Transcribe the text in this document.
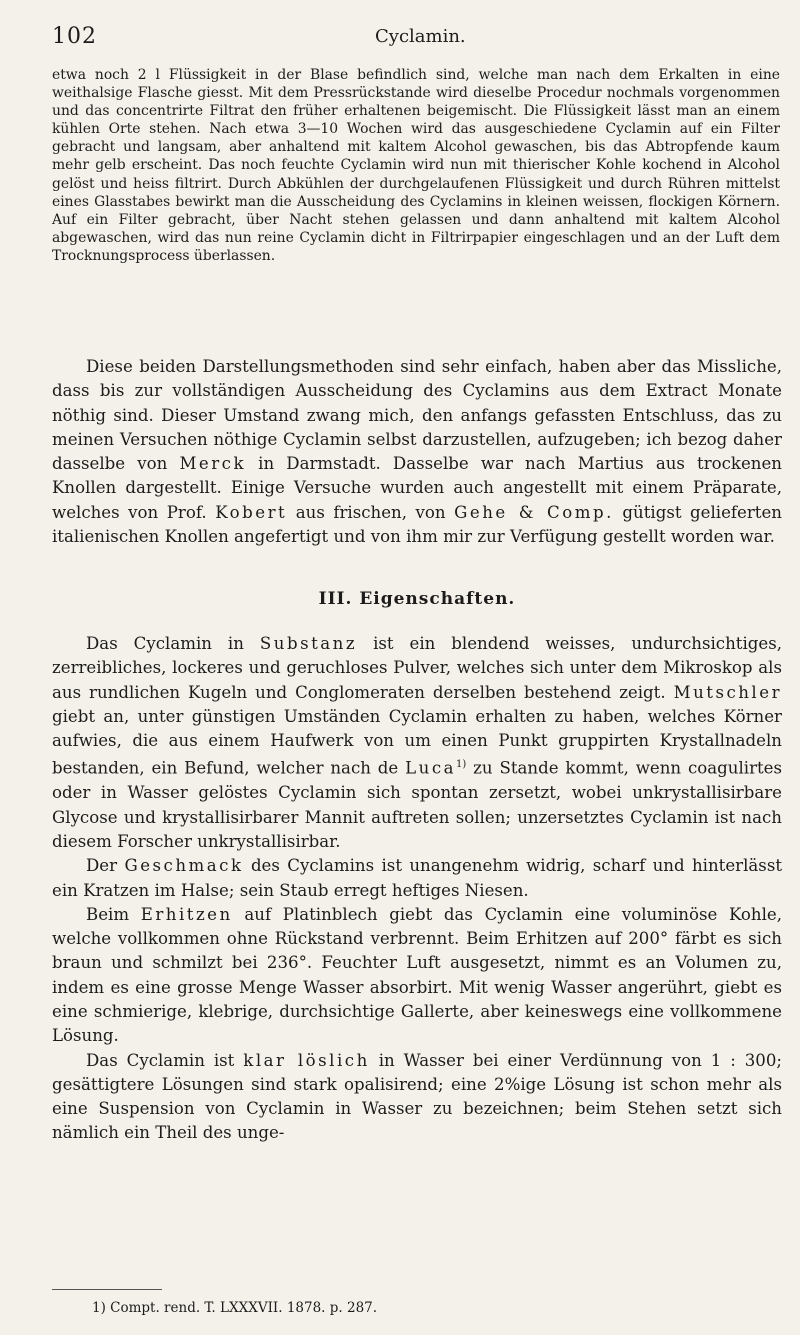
102	Cyclamin.

etwa noch 2 l Flüssigkeit in der Blase befindlich sind, welche man nach dem Erkalten in eine weithalsige Flasche giesst. Mit dem Pressrückstande wird dieselbe Procedur nochmals vorgenommen und das concentrirte Filtrat den früher erhaltenen beigemischt. Die Flüssigkeit lässt man an einem kühlen Orte stehen. Nach etwa 3—10 Wochen wird das ausgeschiedene Cyclamin auf ein Filter gebracht und langsam, aber anhaltend mit kaltem Alcohol gewaschen, bis das Abtropfende kaum mehr gelb erscheint. Das noch feuchte Cyclamin wird nun mit thierischer Kohle kochend in Alcohol gelöst und heiss filtrirt. Durch Abkühlen der durchgelaufenen Flüssigkeit und durch Rühren mittelst eines Glasstabes bewirkt man die Ausscheidung des Cyclamins in kleinen weissen, flockigen Körnern. Auf ein Filter gebracht, über Nacht stehen gelassen und dann anhaltend mit kaltem Alcohol abgewaschen, wird das nun reine Cyclamin dicht in Filtrirpapier eingeschlagen und an der Luft dem Trocknungsprocess überlassen.

Diese beiden Darstellungsmethoden sind sehr einfach, haben aber das Missliche, dass bis zur vollständigen Ausscheidung des Cyclamins aus dem Extract Monate nöthig sind. Dieser Umstand zwang mich, den anfangs gefassten Entschluss, das zu meinen Versuchen nöthige Cyclamin selbst darzustellen, aufzugeben; ich bezog daher dasselbe von Merck in Darmstadt. Dasselbe war nach Martius aus trockenen Knollen dargestellt. Einige Versuche wurden auch angestellt mit einem Präparate, welches von Prof. Kobert aus frischen, von Gehe & Comp. gütigst gelieferten italienischen Knollen angefertigt und von ihm mir zur Verfügung gestellt worden war.

III. Eigenschaften.

Das Cyclamin in Substanz ist ein blendend weisses, undurchsichtiges, zerreibliches, lockeres und geruchloses Pulver, welches sich unter dem Mikroskop als aus rundlichen Kugeln und Conglomeraten derselben bestehend zeigt. Mutschler giebt an, unter günstigen Umständen Cyclamin erhalten zu haben, welches Körner aufwies, die aus einem Haufwerk von um einen Punkt gruppirten Krystallnadeln bestanden, ein Befund, welcher nach de Luca$^{1)}$ zu Stande kommt, wenn coagulirtes oder in Wasser gelöstes Cyclamin sich spontan zersetzt, wobei unkrystallisirbare Glycose und krystallisirbarer Mannit auftreten sollen; unzersetztes Cyclamin ist nach diesem Forscher unkrystallisirbar.

Der Geschmack des Cyclamins ist unangenehm widrig, scharf und hinterlässt ein Kratzen im Halse; sein Staub erregt heftiges Niesen.

Beim Erhitzen auf Platinblech giebt das Cyclamin eine voluminöse Kohle, welche vollkommen ohne Rückstand verbrennt. Beim Erhitzen auf 200° färbt es sich braun und schmilzt bei 236°. Feuchter Luft ausgesetzt, nimmt es an Volumen zu, indem es eine grosse Menge Wasser absorbirt. Mit wenig Wasser angerührt, giebt es eine schmierige, klebrige, durchsichtige Gallerte, aber keineswegs eine vollkommene Lösung.

Das Cyclamin ist klar löslich in Wasser bei einer Verdünnung von 1 : 300; gesättigtere Lösungen sind stark opalisirend; eine 2%ige Lösung ist schon mehr als eine Suspension von Cyclamin in Wasser zu bezeichnen; beim Stehen setzt sich nämlich ein Theil des unge-

1) Compt. rend. T. LXXXVII. 1878. p. 287.
